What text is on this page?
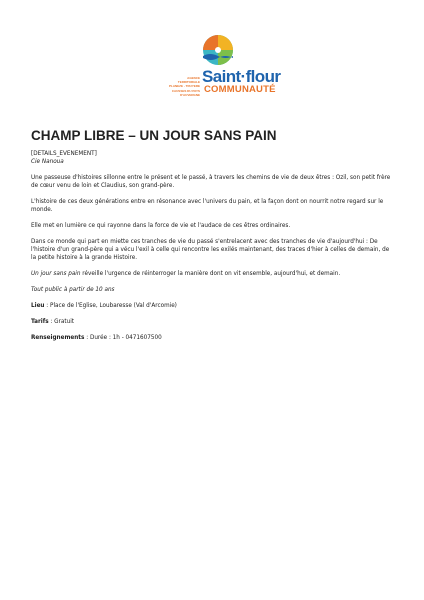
AGENCE
TERRITORIALE
PLANEZE · TRUYERE
CAUSSES DU PAYS D'AUVERGNE
Saint·flour
COMMUNAUTÉ
CHAMP LIBRE – UN JOUR SANS PAIN

[DETAILS_EVENEMENT]

Cie Nanoua

Une passeuse d'histoires sillonne entre le présent et le passé, à travers les chemins de vie de deux êtres : Ozil, son petit frère de cœur venu de loin et Claudius, son grand-père.

L'histoire de ces deux générations entre en résonance avec l'univers du pain, et la façon dont on nourrit notre regard sur le monde.

Elle met en lumière ce qui rayonne dans la force de vie et l'audace de ces êtres ordinaires.

Dans ce monde qui part en miette ces tranches de vie du passé s'entrelacent avec des tranches de vie d'aujourd'hui : De l'histoire d'un grand-père qui a vécu l'exil à celle qui rencontre les exilés maintenant, des traces d'hier à celles de demain, de la petite histoire à la grande Histoire.

Un jour sans pain réveille l'urgence de réinterroger la manière dont on vit ensemble, aujourd'hui, et demain.

Tout public à partir de 10 ans

Lieu : Place de l'Eglise, Loubaresse (Val d'Arcomie)

Tarifs : Gratuit

Renseignements : Durée : 1h - 0471607500
